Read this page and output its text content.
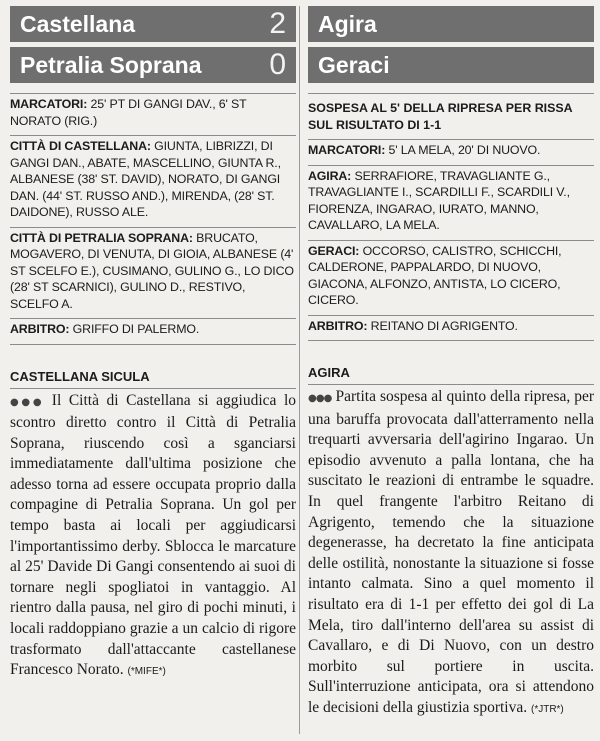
Castellana	2
Petralia Soprana 0
MARCATORI: 25' PT DI GANGI DAV., 6' ST NORATO (RIG.)
CITTÀ DI CASTELLANA: GIUNTA, LIBRIZZI, DI GANGI DAN., ABATE, MASCELLINO, GIUNTA R., ALBANESE (38' ST. DAVID), NORATO, DI GANGI DAN. (44' ST. RUSSO AND.), MIRENDA, (28' ST. DAIDONE), RUSSO ALE.
CITTÀ DI PETRALIA SOPRANA: BRUCATO, MOGAVERO, DI VENUTA, DI GIOIA, ALBANESE (4' ST SCELFO E.), CUSIMANO, GULINO G., LO DICO (28' ST SCARNICI), GULINO D., RESTIVO, SCELFO A.
ARBITRO: GRIFFO DI PALERMO.
CASTELLANA SICULA
●●● Il Città di Castellana si aggiudica lo scontro diretto contro il Città di Petralia Soprana, riuscendo così a sganciarsi immediatamente dall'ultima posizione che adesso torna ad essere occupata proprio dalla compagine di Petralia Soprana. Un gol per tempo basta ai locali per aggiudicarsi l'importantissimo derby. Sblocca le marcature al 25' Davide Di Gangi consentendo ai suoi di tornare negli spogliatoi in vantaggio. Al rientro dalla pausa, nel giro di pochi minuti, i locali raddoppiano grazie a un calcio di rigore trasformato dall'attaccante castellanese Francesco Norato. (*MIFE*)
Agira
Geraci
SOSPESA AL 5' DELLA RIPRESA PER RISSA SUL RISULTATO DI 1-1
MARCATORI: 5' LA MELA, 20' DI NUOVO.
AGIRA: SERRAFIORE, TRAVAGLIANTE G., TRAVAGLIANTE I., SCARDILLI F., SCARDILI V., FIORENZA, INGARAO, IURATO, MANNO, CAVALLARO, LA MELA.
GERACI: OCCORSO, CALISTRO, SCHICCHI, CALDERONE, PAPPALARDO, DI NUOVO, GIACONA, ALFONZO, ANTISTA, LO CICERO, CICERO.
ARBITRO: REITANO DI AGRIGENTO.
AGIRA
●●● Partita sospesa al quinto della ripresa, per una baruffa provocata dall'atterramento nella trequarti avversaria dell'agirino Ingarao. Un episodio avvenuto a palla lontana, che ha suscitato le reazioni di entrambe le squadre. In quel frangente l'arbitro Reitano di Agrigento, temendo che la situazione degenerasse, ha decretato la fine anticipata delle ostilità, nonostante la situazione si fosse intanto calmata. Sino a quel momento il risultato era di 1-1 per effetto dei gol di La Mela, tiro dall'interno dell'area su assist di Cavallaro, e di Di Nuovo, con un destro morbito sul portiere in uscita. Sull'interruzione anticipata, ora si attendono le decisioni della giustizia sportiva. (*JTR*)
